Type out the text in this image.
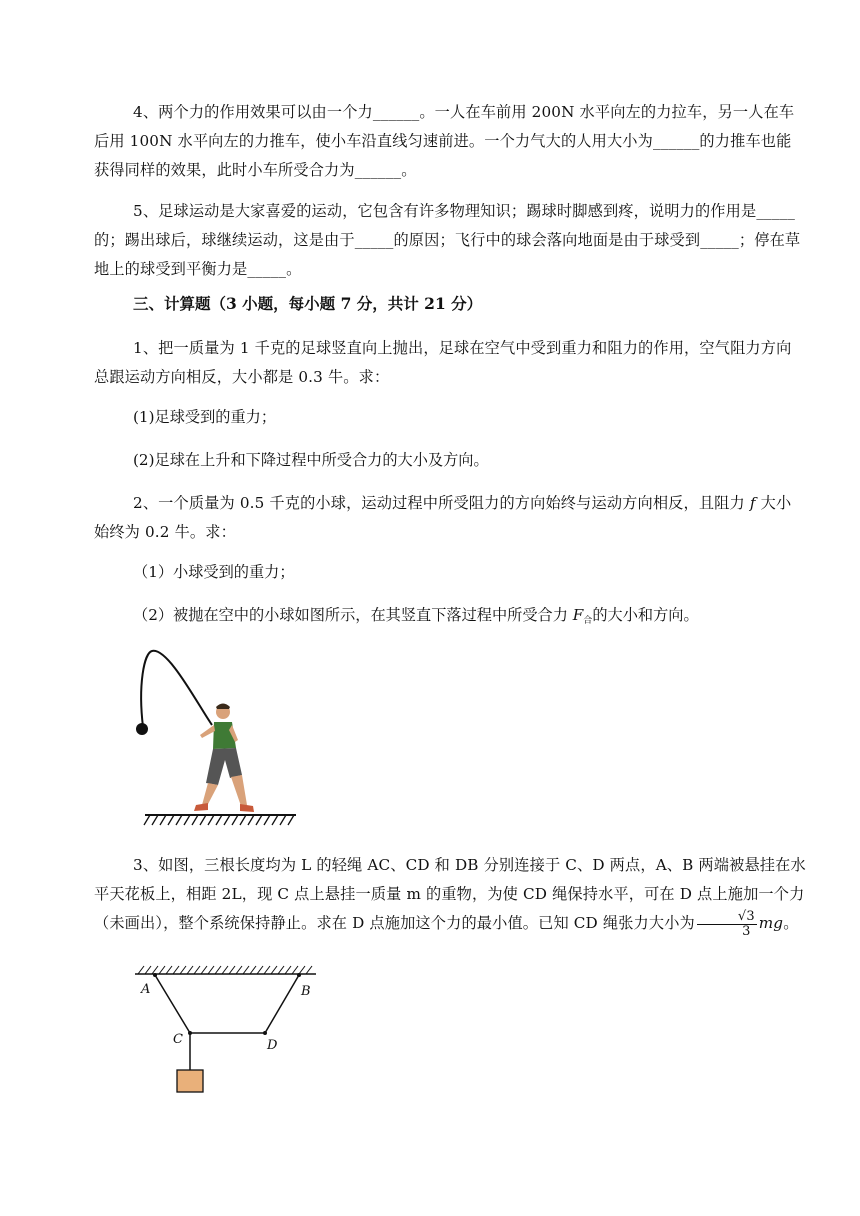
4、两个力的作用效果可以由一个力______。一人在车前用 200N 水平向左的力拉车，另一人在车后用 100N 水平向左的力推车，使小车沿直线匀速前进。一个力气大的人用大小为______的力推车也能获得同样的效果，此时小车所受合力为______。

5、足球运动是大家喜爱的运动，它包含有许多物理知识；踢球时脚感到疼，说明力的作用是_____的；踢出球后，球继续运动，这是由于_____的原因；飞行中的球会落向地面是由于球受到_____；停在草地上的球受到平衡力是_____。

三、计算题（3 小题，每小题 7 分，共计 21 分）

1、把一质量为 1 千克的足球竖直向上抛出，足球在空气中受到重力和阻力的作用，空气阻力方向总跟运动方向相反，大小都是 0.3 牛。求：

(1)足球受到的重力；

(2)足球在上升和下降过程中所受合力的大小及方向。

2、一个质量为 0.5 千克的小球，运动过程中所受阻力的方向始终与运动方向相反，且阻力 f 大小始终为 0.2 牛。求：

（1）小球受到的重力；

（2）被抛在空中的小球如图所示，在其竖直下落过程中所受合力 F合的大小和方向。

3、如图，三根长度均为 L 的轻绳 AC、CD 和 DB 分别连接于 C、D 两点，A、B 两端被悬挂在水平天花板上，相距 2L，现 C 点上悬挂一质量 m 的重物，为使 CD 绳保持水平，可在 D 点上施加一个力（未画出），整个系统保持静止。求在 D 点施加这个力的最小值。已知 CD 绳张力大小为 $\frac{√3}{3}$ mg。

A	B
C	D
